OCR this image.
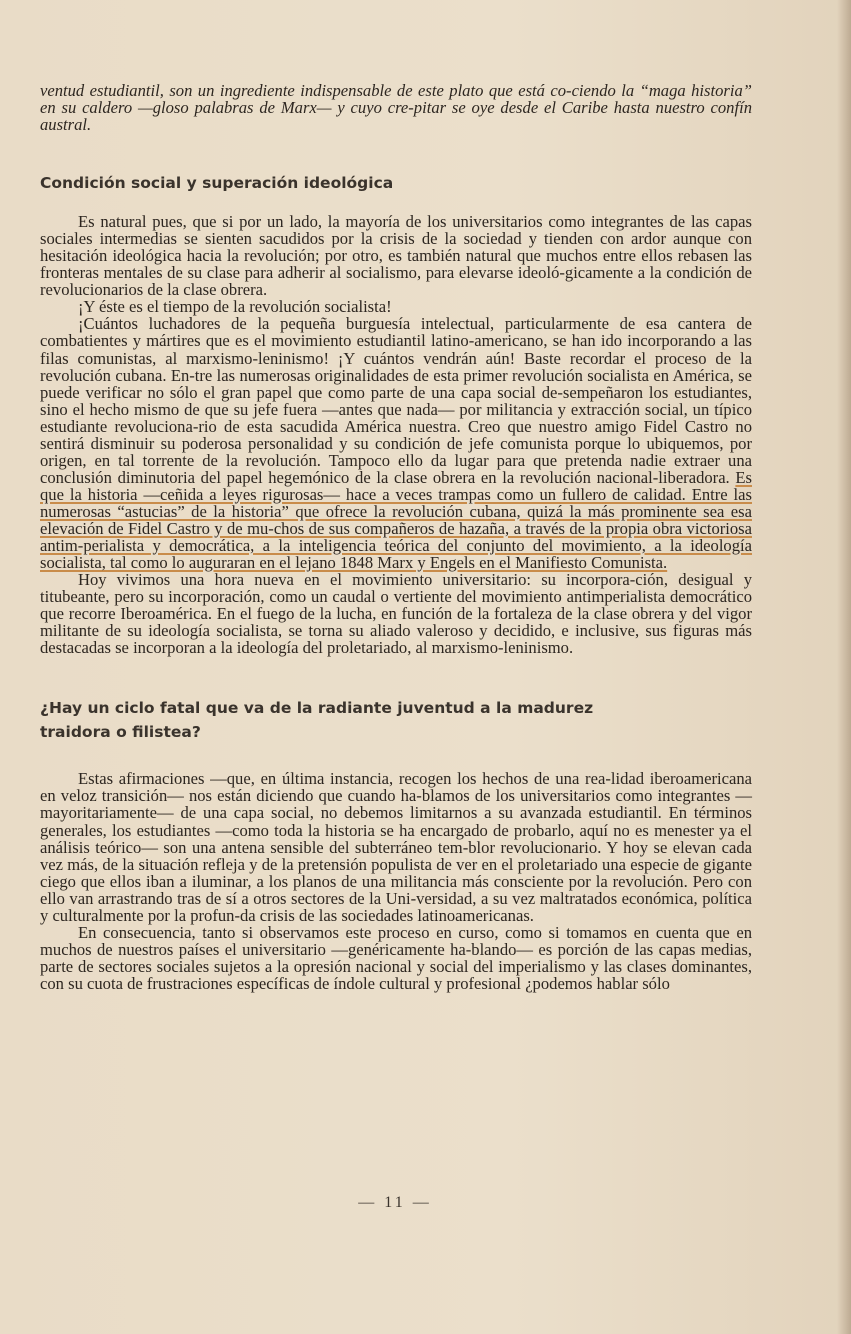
ventud estudiantil, son un ingrediente indispensable de este plato que está co-ciendo la “maga historia” en su caldero —gloso palabras de Marx— y cuyo cre-pitar se oye desde el Caribe hasta nuestro confín austral.

Condición social y superación ideológica

Es natural pues, que si por un lado, la mayoría de los universitarios como integrantes de las capas sociales intermedias se sienten sacudidos por la crisis de la sociedad y tienden con ardor aunque con hesitación ideológica hacia la revolución; por otro, es también natural que muchos entre ellos rebasen las fronteras mentales de su clase para adherir al socialismo, para elevarse ideoló-gicamente a la condición de revolucionarios de la clase obrera.

¡Y éste es el tiempo de la revolución socialista!

¡Cuántos luchadores de la pequeña burguesía intelectual, particularmente de esa cantera de combatientes y mártires que es el movimiento estudiantil latino-americano, se han ido incorporando a las filas comunistas, al marxismo-leninismo! ¡Y cuántos vendrán aún! Baste recordar el proceso de la revolución cubana. En-tre las numerosas originalidades de esta primer revolución socialista en América, se puede verificar no sólo el gran papel que como parte de una capa social de-sempeñaron los estudiantes, sino el hecho mismo de que su jefe fuera —antes que nada— por militancia y extracción social, un típico estudiante revoluciona-rio de esta sacudida América nuestra. Creo que nuestro amigo Fidel Castro no sentirá disminuir su poderosa personalidad y su condición de jefe comunista porque lo ubiquemos, por origen, en tal torrente de la revolución. Tampoco ello da lugar para que pretenda nadie extraer una conclusión diminutoria del papel hegemónico de la clase obrera en la revolución nacional-liberadora. Es que la historia —ceñida a leyes rigurosas— hace a veces trampas como un fullero de calidad. Entre las numerosas “astucias” de la historia” que ofrece la revolución cubana, quizá la más prominente sea esa elevación de Fidel Castro y de mu-chos de sus compañeros de hazaña, a través de la propia obra victoriosa antim-perialista y democrática, a la inteligencia teórica del conjunto del movimiento, a la ideología socialista, tal como lo auguraran en el lejano 1848 Marx y Engels en el Manifiesto Comunista.

Hoy vivimos una hora nueva en el movimiento universitario: su incorpora-ción, desigual y titubeante, pero su incorporación, como un caudal o vertiente del movimiento antimperialista democrático que recorre Iberoamérica. En el fuego de la lucha, en función de la fortaleza de la clase obrera y del vigor militante de su ideología socialista, se torna su aliado valeroso y decidido, e inclusive, sus figuras más destacadas se incorporan a la ideología del proletariado, al marxismo-leninismo.

¿Hay un ciclo fatal que va de la radiante juventud a la madurez traidora o filistea?

Estas afirmaciones —que, en última instancia, recogen los hechos de una rea-lidad iberoamericana en veloz transición— nos están diciendo que cuando ha-blamos de los universitarios como integrantes —mayoritariamente— de una capa social, no debemos limitarnos a su avanzada estudiantil. En términos generales, los estudiantes —como toda la historia se ha encargado de probarlo, aquí no es menester ya el análisis teórico— son una antena sensible del subterráneo tem-blor revolucionario. Y hoy se elevan cada vez más, de la situación refleja y de la pretensión populista de ver en el proletariado una especie de gigante ciego que ellos iban a iluminar, a los planos de una militancia más consciente por la revolución. Pero con ello van arrastrando tras de sí a otros sectores de la Uni-versidad, a su vez maltratados económica, política y culturalmente por la profun-da crisis de las sociedades latinoamericanas.

En consecuencia, tanto si observamos este proceso en curso, como si tomamos en cuenta que en muchos de nuestros países el universitario —genéricamente ha-blando— es porción de las capas medias, parte de sectores sociales sujetos a la opresión nacional y social del imperialismo y las clases dominantes, con su cuota de frustraciones específicas de índole cultural y profesional ¿podemos hablar sólo

— 11 —
